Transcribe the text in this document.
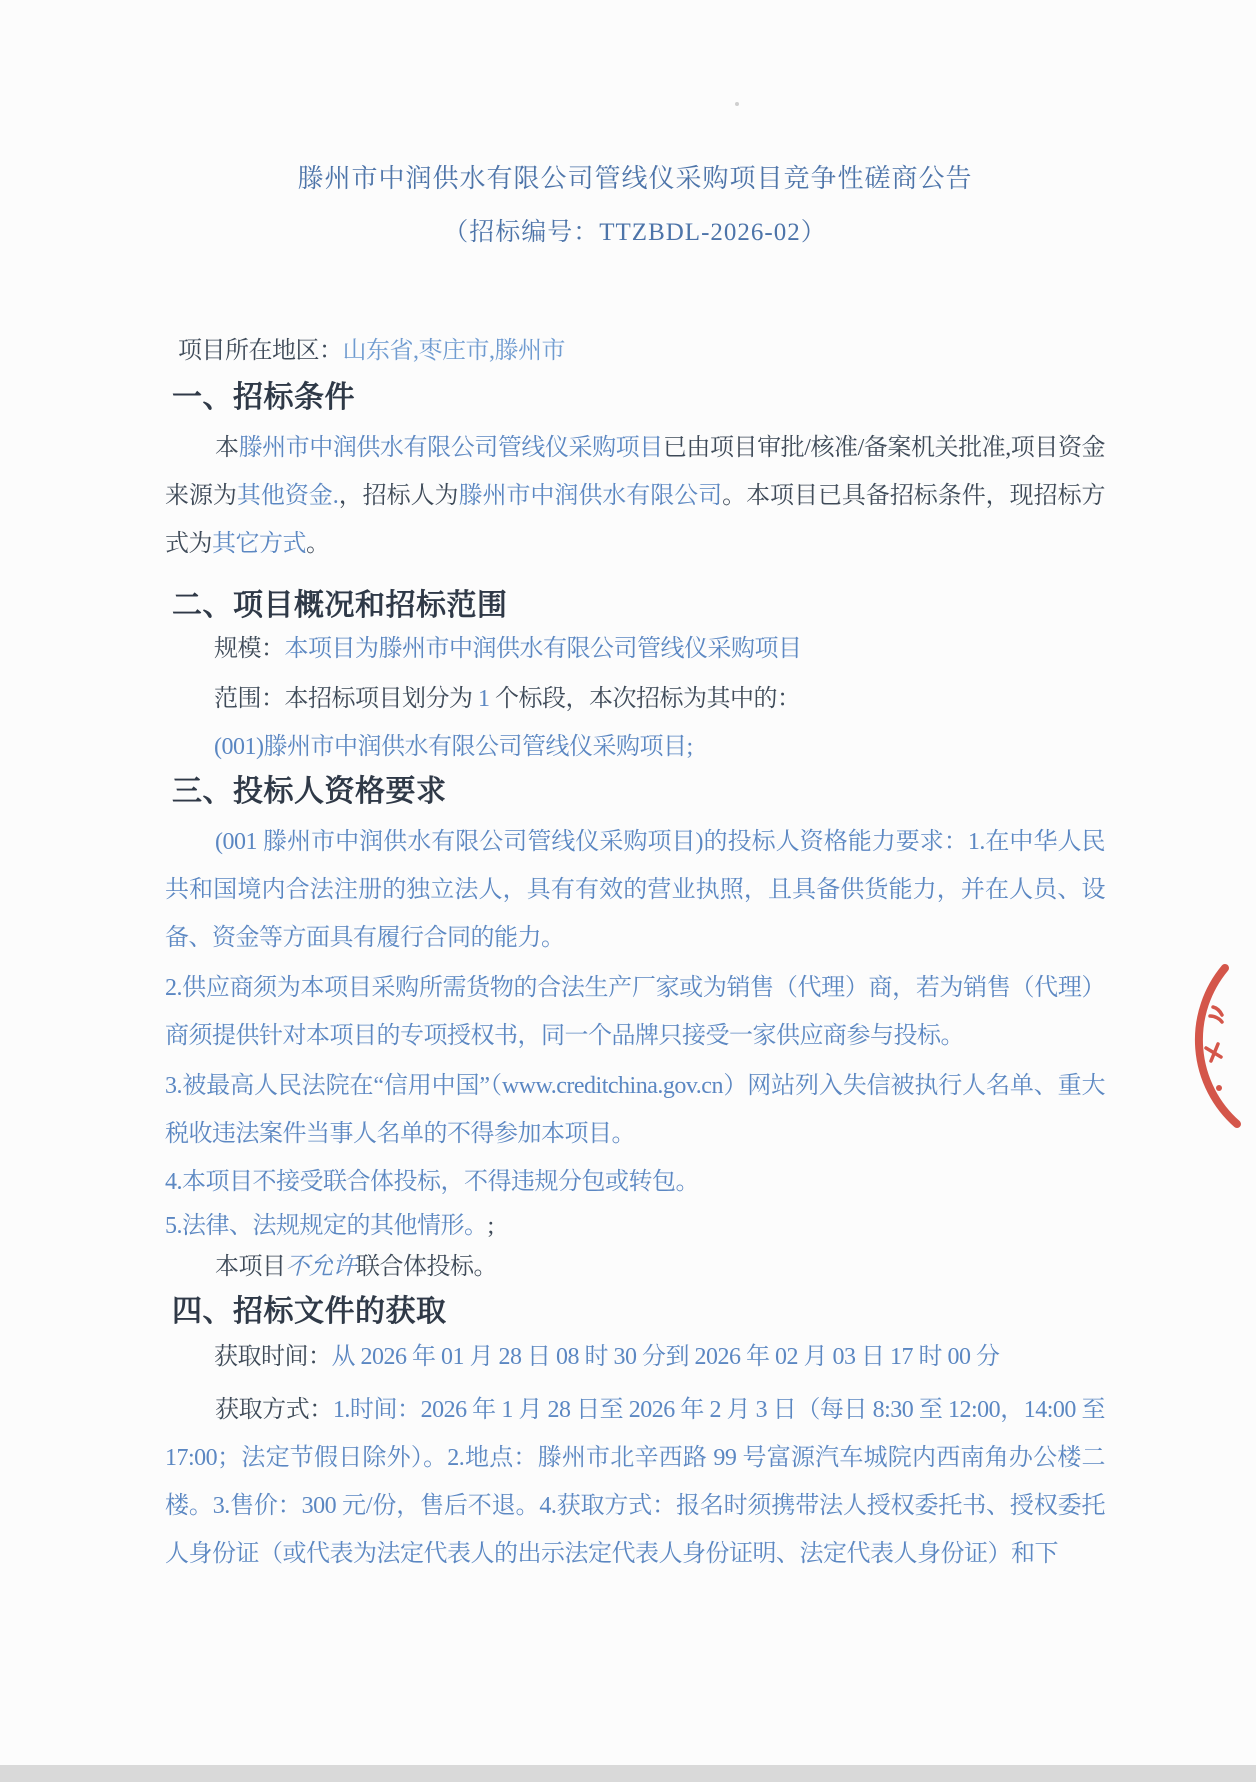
滕州市中润供水有限公司管线仪采购项目竞争性磋商公告
（招标编号：TTZBDL-2026-02）
项目所在地区：山东省,枣庄市,滕州市
一、招标条件

本滕州市中润供水有限公司管线仪采购项目已由项目审批/核准/备案机关批准,项目资金来源为其他资金.，招标人为滕州市中润供水有限公司。本项目已具备招标条件，现招标方式为其它方式。

二、项目概况和招标范围
规模：本项目为滕州市中润供水有限公司管线仪采购项目
范围：本招标项目划分为 1 个标段，本次招标为其中的：
(001)滕州市中润供水有限公司管线仪采购项目;
三、投标人资格要求

(001 滕州市中润供水有限公司管线仪采购项目)的投标人资格能力要求：1.在中华人民共和国境内合法注册的独立法人，具有有效的营业执照，且具备供货能力，并在人员、设备、资金等方面具有履行合同的能力。

2.供应商须为本项目采购所需货物的合法生产厂家或为销售（代理）商，若为销售（代理）商须提供针对本项目的专项授权书，同一个品牌只接受一家供应商参与投标。

3.被最高人民法院在“信用中国”（www.creditchina.gov.cn）网站列入失信被执行人名单、重大税收违法案件当事人名单的不得参加本项目。

4.本项目不接受联合体投标，不得违规分包或转包。

5.法律、法规规定的其他情形。;

本项目不允许联合体投标。
四、招标文件的获取
获取时间：从 2026 年 01 月 28 日 08 时 30 分到 2026 年 02 月 03 日 17 时 00 分

获取方式：1.时间：2026 年 1 月 28 日至 2026 年 2 月 3 日（每日 8:30 至 12:00，14:00 至 17:00；法定节假日除外）。2.地点：滕州市北辛西路 99 号富源汽车城院内西南角办公楼二楼。3.售价：300 元/份，售后不退。4.获取方式：报名时须携带法人授权委托书、授权委托人身份证（或代表为法定代表人的出示法定代表人身份证明、法定代表人身份证）和下
